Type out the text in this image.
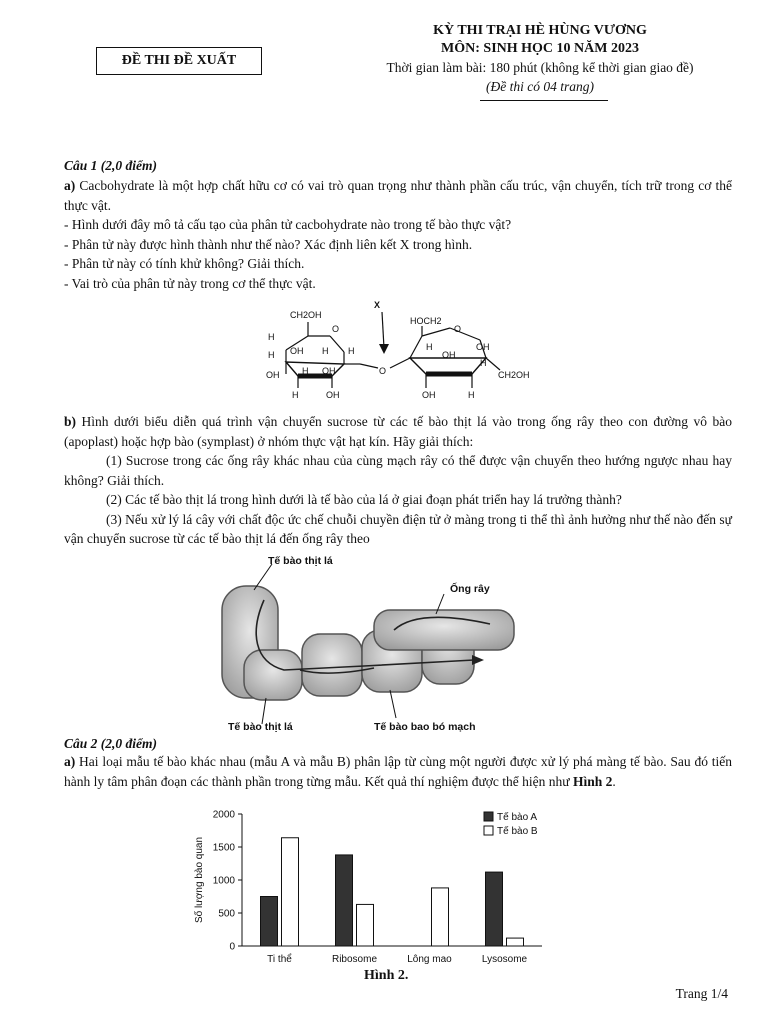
ĐỀ THI ĐỀ XUẤT
KỲ THI TRẠI HÈ HÙNG VƯƠNG
MÔN: SINH HỌC 10 NĂM 2023
Thời gian làm bài: 180 phút (không kể thời gian giao đề)
(Đề thi có 04 trang)
Câu 1 (2,0 điểm)
a) Cacbohydrate là một hợp chất hữu cơ có vai trò quan trọng như thành phần cấu trúc, vận chuyển, tích trữ trong cơ thể thực vật.
- Hình dưới đây mô tả cấu tạo của phân tử cacbohydrate nào trong tế bào thực vật?
- Phân tử này được hình thành như thế nào? Xác định liên kết X trong hình.
- Phân tử này có tính khử không? Giải thích.
- Vai trò của phân tử này trong cơ thể thực vật.
CH2OH
O
H
OH H
H	H
OH	H OH
H	OH
O
HOCH2
O
H
OH
OH
H
OH	H
CH2OH
X
b) Hình dưới biểu diễn quá trình vận chuyển sucrose từ các tế bào thịt lá vào trong ống rây theo con đường vô bào (apoplast) hoặc hợp bào (symplast) ở nhóm thực vật hạt kín. Hãy giải thích:
(1) Sucrose trong các ống rây khác nhau của cùng mạch rây có thể được vận chuyển theo hướng ngược nhau hay không? Giải thích.
(2) Các tế bào thịt lá trong hình dưới là tế bào của lá ở giai đoạn phát triển hay lá trưởng thành?
(3) Nếu xử lý lá cây với chất độc ức chế chuỗi chuyền điện tử ở màng trong ti thể thì ảnh hưởng như thế nào đến sự vận chuyển sucrose từ các tế bào thịt lá đến ống rây theo
Tế bào thịt lá
Ống rây
Tế bào thịt lá	Tế bào bao bó mạch
Câu 2 (2,0 điểm)
a) Hai loại mẫu tế bào khác nhau (mẫu A và mẫu B) phân lập từ cùng một người được xử lý phá màng tế bào. Sau đó tiến hành ly tâm phân đoạn các thành phần trong từng mẫu. Kết quả thí nghiệm được thể hiện như Hình 2.
0
500
1000
1500
2000
Ti thể	Ribosome	Lông mao	Lysosome
Tế bào A
Tế bào B
Số lượng bào quan
Hình 2.
Trang 1/4
